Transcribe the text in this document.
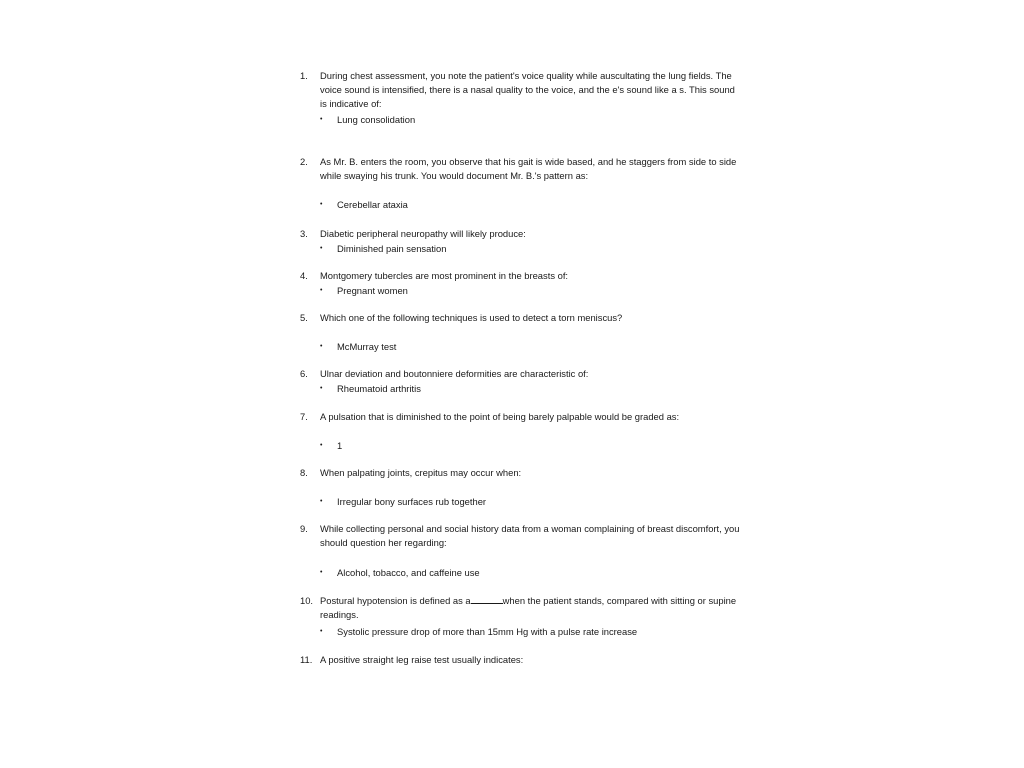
1.	During chest assessment, you note the patient's voice quality while auscultating the lung fields. The voice sound is intensified, there is a nasal quality to the voice, and the e's sound like a s. This sound is indicative of:
•	Lung consolidation
2.	As Mr. B. enters the room, you observe that his gait is wide based, and he staggers from side to side while swaying his trunk. You would document Mr. B.'s pattern as:
•	Cerebellar ataxia
3.	Diabetic peripheral neuropathy will likely produce:
•	Diminished pain sensation
4.	Montgomery tubercles are most prominent in the breasts of:
•	Pregnant women
5.	Which one of the following techniques is used to detect a torn meniscus?
•	McMurray test
6.	Ulnar deviation and boutonniere deformities are characteristic of:
•	Rheumatoid arthritis
7.	A pulsation that is diminished to the point of being barely palpable would be graded as:
•	1
8.	When palpating joints, crepitus may occur when:
•	Irregular bony surfaces rub together
9.	While collecting personal and social history data from a woman complaining of breast discomfort, you should question her regarding:
•	Alcohol, tobacco, and caffeine use
10. Postural hypotension is defined as a	when the patient stands, compared with sitting or supine readings.
•	Systolic pressure drop of more than 15mm Hg with a pulse rate increase
11. A positive straight leg raise test usually indicates:
